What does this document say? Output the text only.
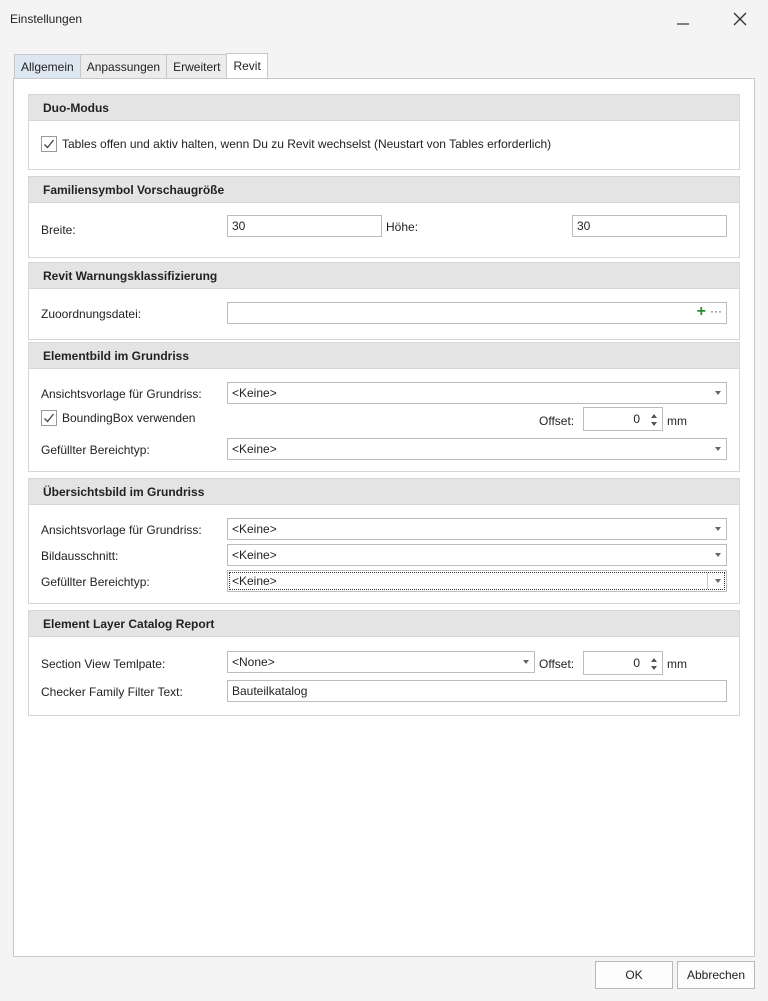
Einstellungen
Allgemein	Anpassungen	Erweitert	Revit
Duo-Modus
Tables offen und aktiv halten, wenn Du zu Revit wechselst (Neustart von Tables erforderlich)
Familiensymbol Vorschaugröße
Breite:	30	Höhe:	30
Revit Warnungsklassifizierung
Zuoordnungsdatei:	+ ···
Elementbild im Grundriss
Ansichtsvorlage für Grundriss:	<Keine>
BoundingBox verwenden	Offset:	0 mm
Gefüllter Bereichtyp:	<Keine>
Übersichtsbild im Grundriss
Ansichtsvorlage für Grundriss:	<Keine>
Bildausschnitt:	<Keine>
Gefüllter Bereichtyp:	<Keine>
Element Layer Catalog Report
Section View Temlpate:	<None>	Offset:	0 mm
Checker Family Filter Text:	Bauteilkatalog
OK	Abbrechen
